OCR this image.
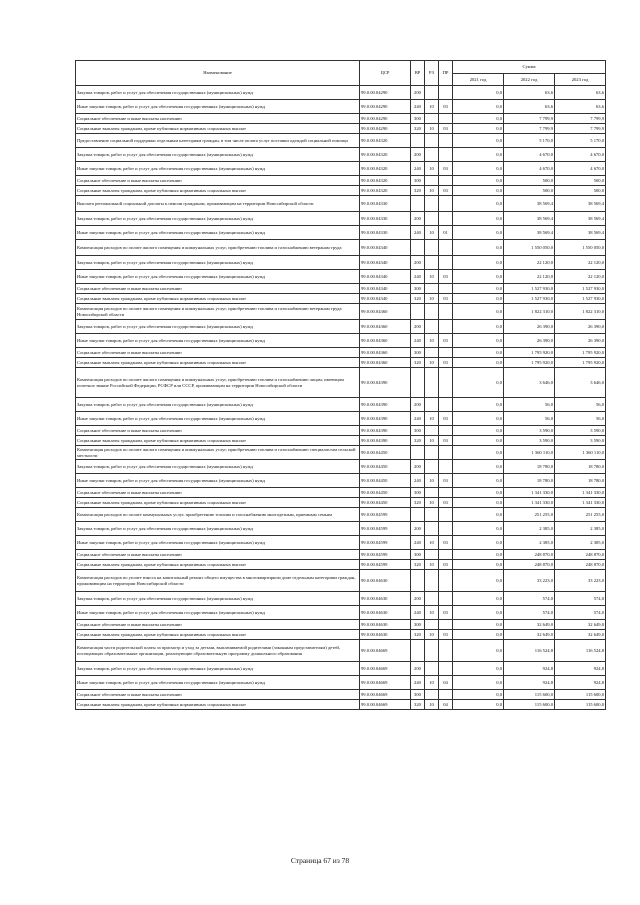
Наименование	ЦСР	ВР	РЗ	ПР	Сумма		
					2021 год	2022 год	2023 год
Закупка товаров, работ и услуг для обеспечения государственных (муниципальных) нужд	99.0.00.04290	200			0,0	63,6	63,6
Иные закупки товаров, работ и услуг для обеспечения государственных (муниципальных) нужд	99.0.00.04290	240	10	03	0,0	63,6	63,6
Социальное обеспечение и иные выплаты населению	99.0.00.04290	300			0,0	7 799,9	7 799,9
Социальные выплаты гражданам, кроме публичных нормативных социальных выплат	99.0.00.04290	320	10	03	0,0	7 799,9	7 799,9
Предоставление социальной поддержки отдельным категориям граждан, в том числе оплата услуг поставки одеждой социальной помощи	99.0.00.04320				0,0	5 170,0	5 170,0
Закупка товаров, работ и услуг для обеспечения государственных (муниципальных) нужд	99.0.00.04320	200			0,0	4 670,0	4 670,0
Иные закупки товаров, работ и услуг для обеспечения государственных (муниципальных) нужд	99.0.00.04320	240	10	03	0,0	4 670,0	4 670,0
Социальное обеспечение и иные выплаты населению	99.0.00.04320	300			0,0	500,0	500,0
Социальные выплаты гражданам, кроме публичных нормативных социальных выплат	99.0.00.04320	320	10	03	0,0	500,0	500,0
Выплата региональной социальной доплаты к пенсии гражданам, проживающим на территории Новосибирской области	99.0.00.04330				0,0	38 569,4	38 569,4
Закупка товаров, работ и услуг для обеспечения государственных (муниципальных) нужд	99.0.00.04330	200			0,0	38 569,4	38 569,4
Иные закупки товаров, работ и услуг для обеспечения государственных (муниципальных) нужд	99.0.00.04330	240	10	01	0,0	38 569,4	38 569,4
Компенсация расходов по оплате жилого помещения и коммунальных услуг, приобретению топлива и газоснабжению ветеранам труда	99.0.00.04340				0,0	1 550 050,0	1 550 050,0
Закупка товаров, работ и услуг для обеспечения государственных (муниципальных) нужд	99.0.00.04340	200			0,0	22 120,0	22 120,0
Иные закупки товаров, работ и услуг для обеспечения государственных (муниципальных) нужд	99.0.00.04340	240	10	03	0,0	22 120,0	22 120,0
Социальное обеспечение и иные выплаты населению	99.0.00.04340	300			0,0	1 527 930,0	1 527 930,0
Социальные выплаты гражданам, кроме публичных нормативных социальных выплат	99.0.00.04340	320	10	03	0,0	1 527 930,0	1 527 930,0
Компенсация расходов по оплате жилого помещения и коммунальных услуг, приобретению топлива и газоснабжению ветеранам труда Новосибирской области	99.0.00.04360				0,0	1 822 310,0	1 822 310,0
Закупка товаров, работ и услуг для обеспечения государственных (муниципальных) нужд	99.0.00.04360	200			0,0	26 390,0	26 390,0
Иные закупки товаров, работ и услуг для обеспечения государственных (муниципальных) нужд	99.0.00.04360	240	10	03	0,0	26 390,0	26 390,0
Социальное обеспечение и иные выплаты населению	99.0.00.04360	300			0,0	1 795 920,0	1 795 920,0
Социальные выплаты гражданам, кроме публичных нормативных социальных выплат	99.0.00.04360	320	10	03	0,0	1 795 920,0	1 795 920,0
Компенсация расходов по оплате жилого помещения и коммунальных услуг, приобретению топлива и газоснабжению лицам, имеющим почетное звание Российской Федерации, РСФСР или СССР, проживающим на территории Новосибирской области	99.0.00.04390				0,0	3 646,0	3 646,0
Закупка товаров, работ и услуг для обеспечения государственных (муниципальных) нужд	99.0.00.04390	200			0,0	56,0	56,0
Иные закупки товаров, работ и услуг для обеспечения государственных (муниципальных) нужд	99.0.00.04390	240	10	03	0,0	56,0	56,0
Социальное обеспечение и иные выплаты населению	99.0.00.04390	300			0,0	3 590,0	3 590,0
Социальные выплаты гражданам, кроме публичных нормативных социальных выплат	99.0.00.04390	320	10	03	0,0	3 590,0	3 590,0
Компенсация расходов по оплате жилого помещения и коммунальных услуг, приобретению топлива и газоснабжению специалистам сельской местности	99.0.00.04450				0,0	1 360 110,0	1 360 110,0
Закупка товаров, работ и услуг для обеспечения государственных (муниципальных) нужд	99.0.00.04450	200			0,0	18 780,0	18 780,0
Иные закупки товаров, работ и услуг для обеспечения государственных (муниципальных) нужд	99.0.00.04450	240	10	03	0,0	18 780,0	18 780,0
Социальное обеспечение и иные выплаты населению	99.0.00.04450	300			0,0	1 341 330,0	1 341 330,0
Социальные выплаты гражданам, кроме публичных нормативных социальных выплат	99.0.00.04450	320	10	03	0,0	1 341 330,0	1 341 330,0
Компенсация расходов по оплате коммунальных услуг, приобретению топлива и газоснабжению многодетным, приемным семьям	99.0.00.04599				0,0	251 255,0	251 255,0
Закупка товаров, работ и услуг для обеспечения государственных (муниципальных) нужд	99.0.00.04599	200			0,0	2 385,0	2 385,0
Иные закупки товаров, работ и услуг для обеспечения государственных (муниципальных) нужд	99.0.00.04599	240	10	03	0,0	2 385,0	2 385,0
Социальное обеспечение и иные выплаты населению	99.0.00.04599	300			0,0	248 870,0	248 870,0
Социальные выплаты гражданам, кроме публичных нормативных социальных выплат	99.0.00.04599	320	10	03	0,0	248 870,0	248 870,0
Компенсация расходов по уплате взноса на капитальный ремонт общего имущества в многоквартирном доме отдельным категориям граждан, проживающим на территории Новосибирской области	99.0.00.04630				0,0	33 223,0	33 223,0
Закупка товаров, работ и услуг для обеспечения государственных (муниципальных) нужд	99.0.00.04630	200			0,0	574,0	574,0
Иные закупки товаров, работ и услуг для обеспечения государственных (муниципальных) нужд	99.0.00.04630	240	10	03	0,0	574,0	574,0
Социальное обеспечение и иные выплаты населению	99.0.00.04630	300			0,0	32 649,0	32 649,0
Социальные выплаты гражданам, кроме публичных нормативных социальных выплат	99.0.00.04630	320	10	03	0,0	32 649,0	32 649,0
Компенсация части родительской платы за присмотр и уход за детьми, выплачиваемой родителями (законным представителям) детей, посещающих образовательные организации, реализующие образовательную программу дошкольного образования	99.0.00.04669				0,0	116 524,8	116 524,8
Закупка товаров, работ и услуг для обеспечения государственных (муниципальных) нужд	99.0.00.04669	200			0,0	924,8	924,8
Иные закупки товаров, работ и услуг для обеспечения государственных (муниципальных) нужд	99.0.00.04669	240	10	04	0,0	924,8	924,8
Социальное обеспечение и иные выплаты населению	99.0.00.04669	300			0,0	115 600,0	115 600,0
Социальные выплаты гражданам, кроме публичных нормативных социальных выплат	99.0.00.04669	320	10	04	0,0	115 600,0	115 600,0
Страница 67 из 78
